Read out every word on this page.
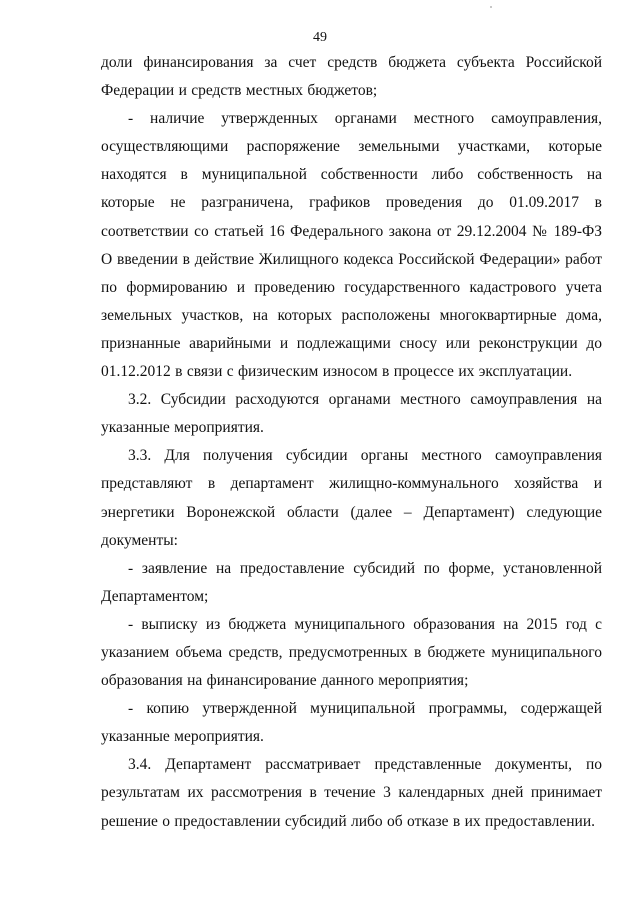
49

доли финансирования за счет средств бюджета субъекта Российской Федерации и средств местных бюджетов;

- наличие утвержденных органами местного самоуправления, осуществляющими распоряжение земельными участками, которые находятся в муниципальной собственности либо собственность на которые не разграничена, графиков проведения до 01.09.2017 в соответствии со статьей 16 Федерального закона от 29.12.2004 № 189-ФЗ О введении в действие Жилищного кодекса Российской Федерации» работ по формированию и проведению государственного кадастрового учета земельных участков, на которых расположены многоквартирные дома, признанные аварийными и подлежащими сносу или реконструкции до 01.12.2012 в связи с физическим износом в процессе их эксплуатации.

3.2. Субсидии расходуются органами местного самоуправления на указанные мероприятия.

3.3. Для получения субсидии органы местного самоуправления представляют в департамент жилищно-коммунального хозяйства и энергетики Воронежской области (далее – Департамент) следующие документы:

- заявление на предоставление субсидий по форме, установленной Департаментом;

- выписку из бюджета муниципального образования на 2015 год с указанием объема средств, предусмотренных в бюджете муниципального образования на финансирование данного мероприятия;

- копию утвержденной муниципальной программы, содержащей указанные мероприятия.

3.4. Департамент рассматривает представленные документы, по результатам их рассмотрения в течение 3 календарных дней принимает решение о предоставлении субсидий либо об отказе в их предоставлении.
